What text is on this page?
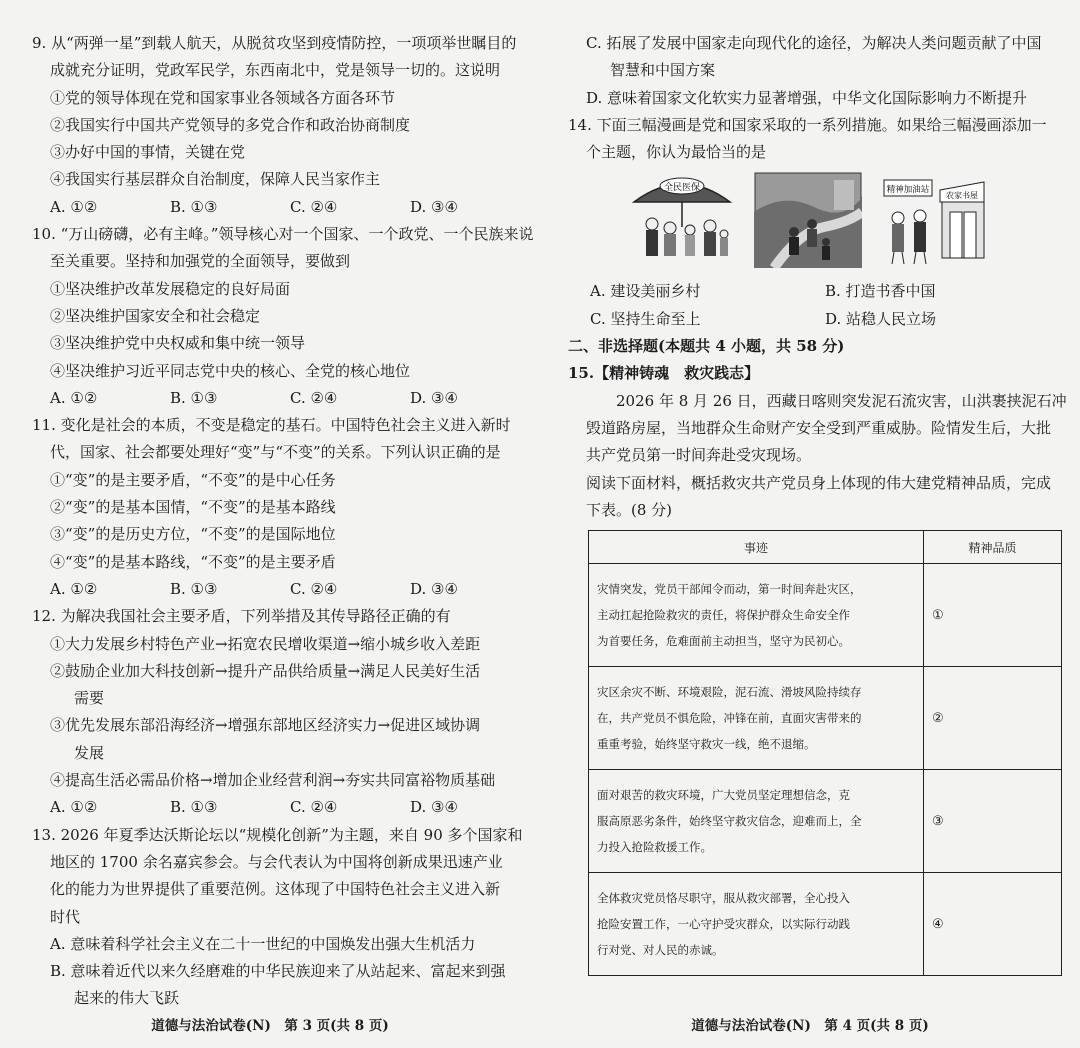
9. 从“两弹一星”到载人航天，从脱贫攻坚到疫情防控，一项项举世瞩目的
成就充分证明，党政军民学，东西南北中，党是领导一切的。这说明
①党的领导体现在党和国家事业各领域各方面各环节
②我国实行中国共产党领导的多党合作和政治协商制度
③办好中国的事情，关键在党
④我国实行基层群众自治制度，保障人民当家作主
A. ①②	B. ①③	C. ②④	D. ③④
10. “万山磅礴，必有主峰。”领导核心对一个国家、一个政党、一个民族来说
至关重要。坚持和加强党的全面领导，要做到
①坚决维护改革发展稳定的良好局面
②坚决维护国家安全和社会稳定
③坚决维护党中央权威和集中统一领导
④坚决维护习近平同志党中央的核心、全党的核心地位
A. ①②	B. ①③	C. ②④	D. ③④
11. 变化是社会的本质，不变是稳定的基石。中国特色社会主义进入新时
代，国家、社会都要处理好“变”与“不变”的关系。下列认识正确的是
①“变”的是主要矛盾，“不变”的是中心任务
②“变”的是基本国情，“不变”的是基本路线
③“变”的是历史方位，“不变”的是国际地位
④“变”的是基本路线，“不变”的是主要矛盾
A. ①②	B. ①③	C. ②④	D. ③④
12. 为解决我国社会主要矛盾，下列举措及其传导路径正确的有
①大力发展乡村特色产业→拓宽农民增收渠道→缩小城乡收入差距
②鼓励企业加大科技创新→提升产品供给质量→满足人民美好生活
需要
③优先发展东部沿海经济→增强东部地区经济实力→促进区域协调
发展
④提高生活必需品价格→增加企业经营利润→夯实共同富裕物质基础
A. ①②	B. ①③	C. ②④	D. ③④
13. 2026 年夏季达沃斯论坛以“规模化创新”为主题，来自 90 多个国家和
地区的 1700 余名嘉宾参会。与会代表认为中国将创新成果迅速产业
化的能力为世界提供了重要范例。这体现了中国特色社会主义进入新
时代
A. 意味着科学社会主义在二十一世纪的中国焕发出强大生机活力
B. 意味着近代以来久经磨难的中华民族迎来了从站起来、富起来到强
起来的伟大飞跃
道德与法治试卷(N)　第 3 页(共 8 页)
C. 拓展了发展中国家走向现代化的途径，为解决人类问题贡献了中国
智慧和中国方案
D. 意味着国家文化软实力显著增强，中华文化国际影响力不断提升
14. 下面三幅漫画是党和国家采取的一系列措施。如果给三幅漫画添加一
个主题，你认为最恰当的是
全民医保	精神加油站
农家书屋
A. 建设美丽乡村	B. 打造书香中国
C. 坚持生命至上	D. 站稳人民立场
二、非选择题(本题共 4 小题，共 58 分)
15.【精神铸魂　救灾践志】
　　2026 年 8 月 26 日，西藏日喀则突发泥石流灾害，山洪裹挟泥石冲
毁道路房屋，当地群众生命财产安全受到严重威胁。险情发生后，大批
共产党员第一时间奔赴受灾现场。
阅读下面材料，概括救灾共产党员身上体现的伟大建党精神品质，完成
下表。(8 分)
事迹	精神品质

灾情突发，党员干部闻令而动，第一时间奔赴灾区，
主动扛起抢险救灾的责任，将保护群众生命安全作
为首要任务，危难面前主动担当，坚守为民初心。	①

灾区余灾不断、环境艰险，泥石流、滑坡风险持续存
在，共产党员不惧危险，冲锋在前，直面灾害带来的
重重考验，始终坚守救灾一线，绝不退缩。	②

面对艰苦的救灾环境，广大党员坚定理想信念，克
服高原恶劣条件，始终坚守救灾信念，迎难而上，全
力投入抢险救援工作。	③

全体救灾党员恪尽职守，服从救灾部署，全心投入
抢险安置工作，一心守护受灾群众，以实际行动践
行对党、对人民的赤诚。	④
道德与法治试卷(N)　第 4 页(共 8 页)
